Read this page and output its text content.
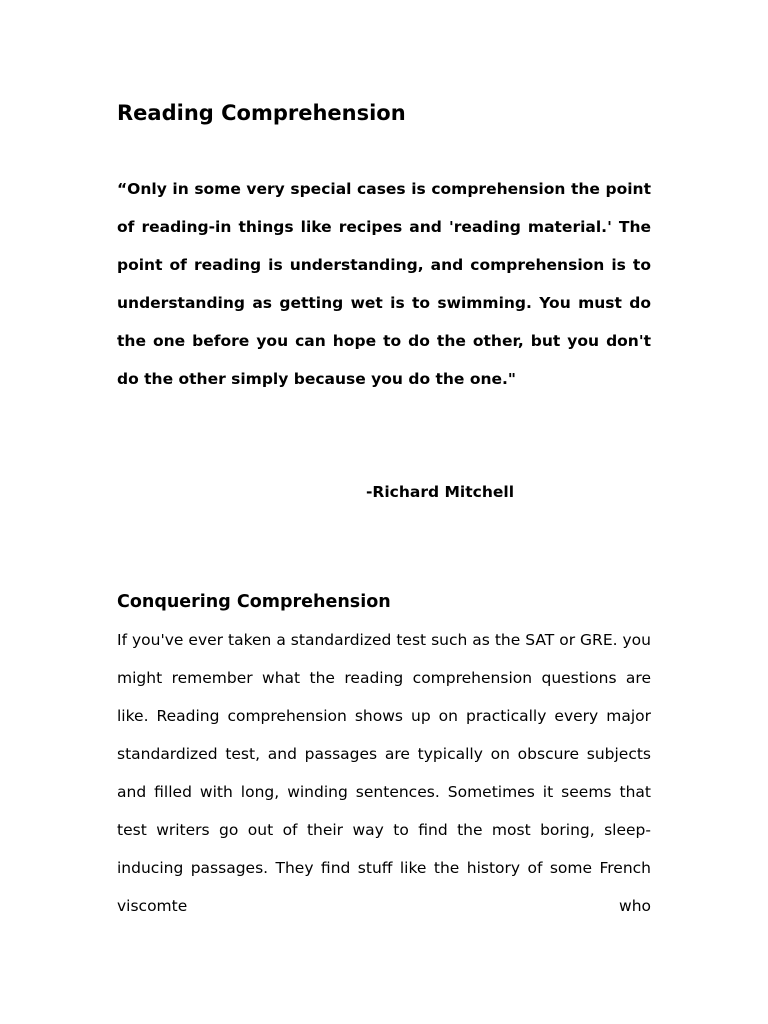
Reading Comprehension

“Only in some very special cases is comprehension the point of reading-in things like recipes and 'reading material.' The point of reading is understanding, and comprehension is to understanding as getting wet is to swimming. You must do the one before you can hope to do the other, but you don't do the other simply because you do the one."

-Richard Mitchell

Conquering Comprehension

If you've ever taken a standardized test such as the SAT or GRE. you might remember what the reading comprehension questions are like. Reading comprehension shows up on practically every major standardized test, and passages are typically on obscure subjects and filled with long, winding sentences. Sometimes it seems that test writers go out of their way to find the most boring, sleep- inducing passages. They find stuff like the history of some French viscomte who
